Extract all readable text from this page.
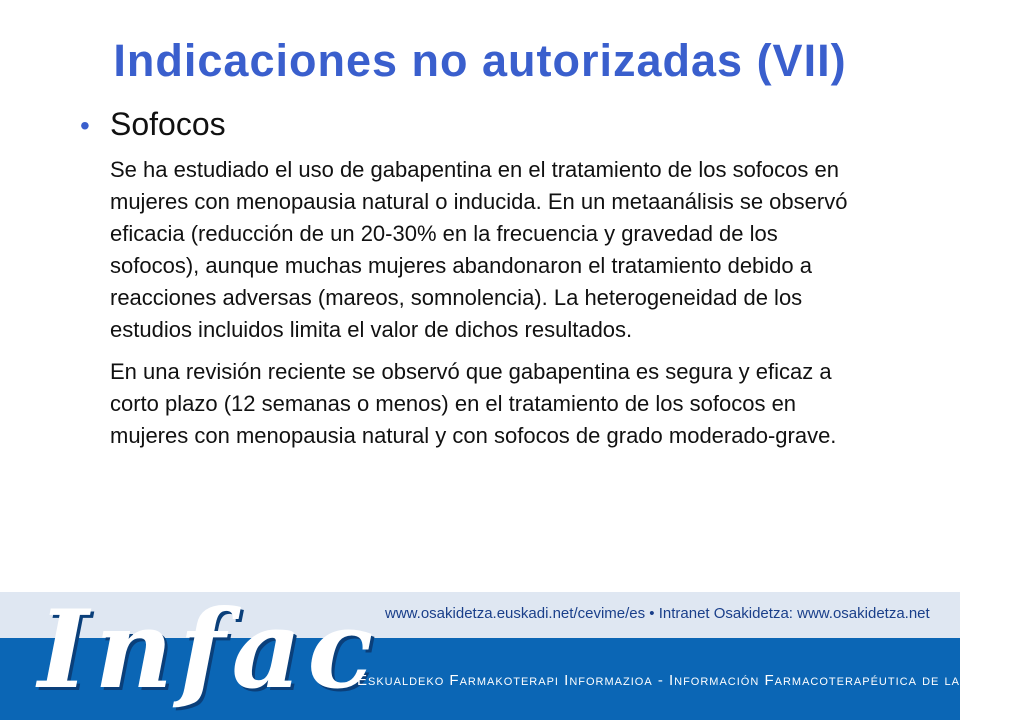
Indicaciones no autorizadas (VII)
• Sofocos

Se ha estudiado el uso de gabapentina en el tratamiento de los sofocos en mujeres con menopausia natural o inducida. En un metaanálisis se observó eficacia (reducción de un 20-30% en la frecuencia y gravedad de los sofocos), aunque muchas mujeres abandonaron el tratamiento debido a reacciones adversas (mareos, somnolencia). La heterogeneidad de los estudios incluidos limita el valor de dichos resultados.

En una revisión reciente se observó que gabapentina es segura y eficaz a corto plazo (12 semanas o menos) en el tratamiento de los sofocos en mujeres con menopausia natural y con sofocos de grado moderado-grave.

Infac www.osakidetza.euskadi.net/cevime/es • Intranet Osakidetza: www.osakidetza.net
Eskualdeko Farmakoterapi Informazioa - Información Farmacoterapéutica de la Comarca
